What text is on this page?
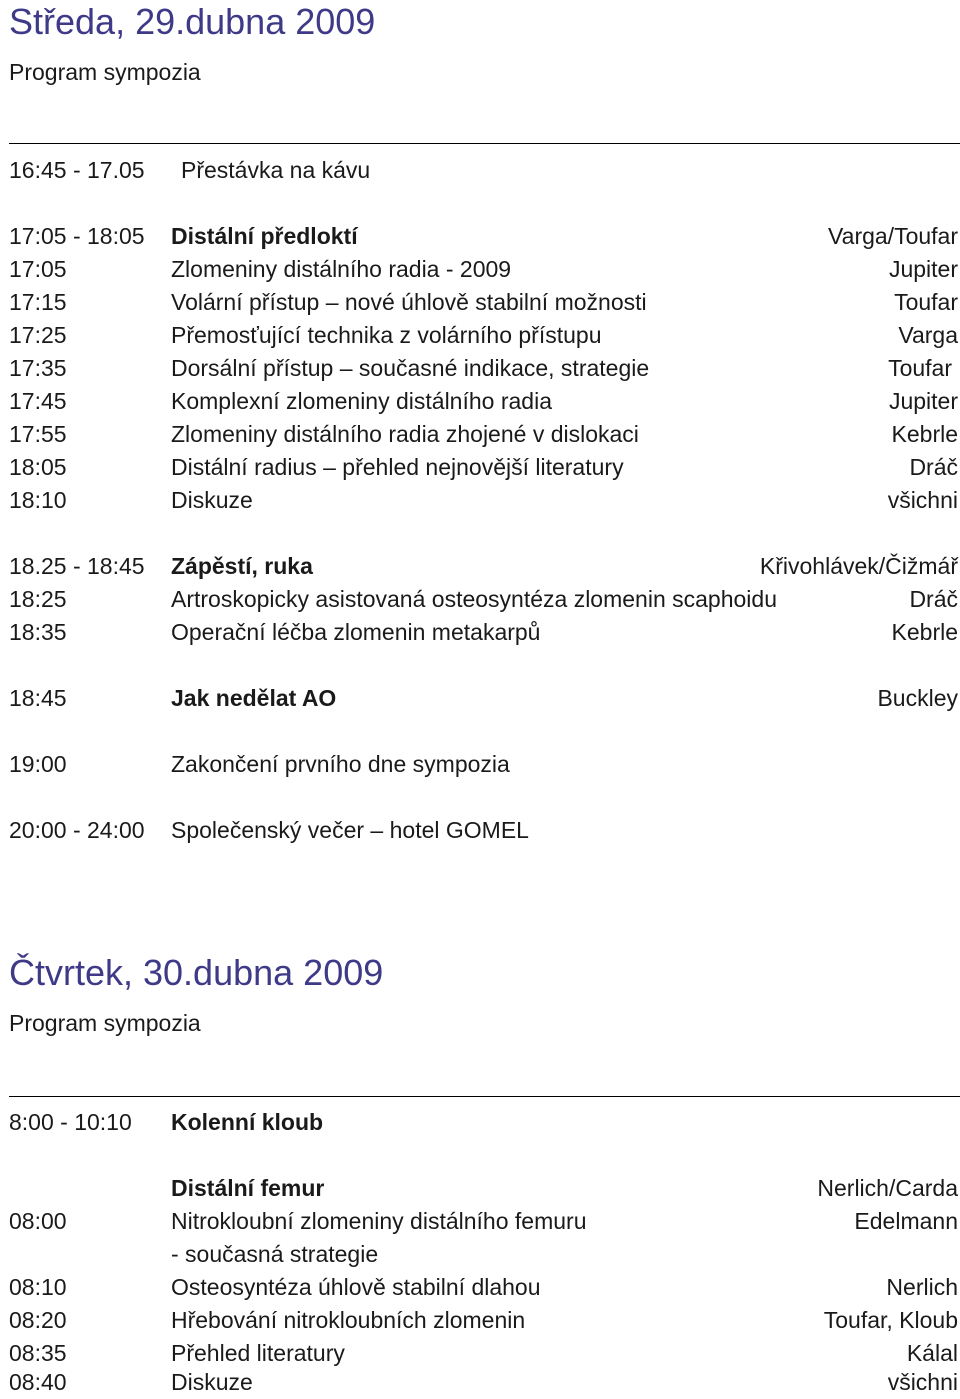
Středa, 29.dubna 2009
Program sympozia
16:45 - 17.05 Přestávka na kávu
17:05 - 18:05 Distální předloktí	Varga/Toufar
17:05	Zlomeniny distálního radia - 2009	Jupiter
17:15	Volární přístup – nové úhlově stabilní možnosti	Toufar
17:25	Přemosťující technika z volárního přístupu	Varga
17:35	Dorsální přístup – současné indikace, strategie	Toufar
17:45	Komplexní zlomeniny distálního radia	Jupiter
17:55	Zlomeniny distálního radia zhojené v dislokaci	Kebrle
18:05	Distální radius – přehled nejnovější literatury	Dráč
18:10	Diskuze	všichni
18.25 - 18:45 Zápěstí, ruka	Křivohlávek/Čižmář
18:25	Artroskopicky asistovaná osteosyntéza zlomenin scaphoidu	Dráč
18:35	Operační léčba zlomenin metakarpů	Kebrle
18:45	Jak nedělat AO	Buckley
19:00	Zakončení prvního dne sympozia
20:00 - 24:00 Společenský večer – hotel GOMEL
Čtvrtek, 30.dubna 2009
Program sympozia
8:00 - 10:10 Kolenní kloub
Distální femur	Nerlich/Carda
08:00	Nitrokloubní zlomeniny distálního femuru	Edelmann
- současná strategie
08:10	Osteosyntéza úhlově stabilní dlahou	Nerlich
08:20	Hřebování nitrokloubních zlomenin	Toufar, Kloub
08:35	Přehled literatury	Kálal
08:40	Diskuze	všichni
